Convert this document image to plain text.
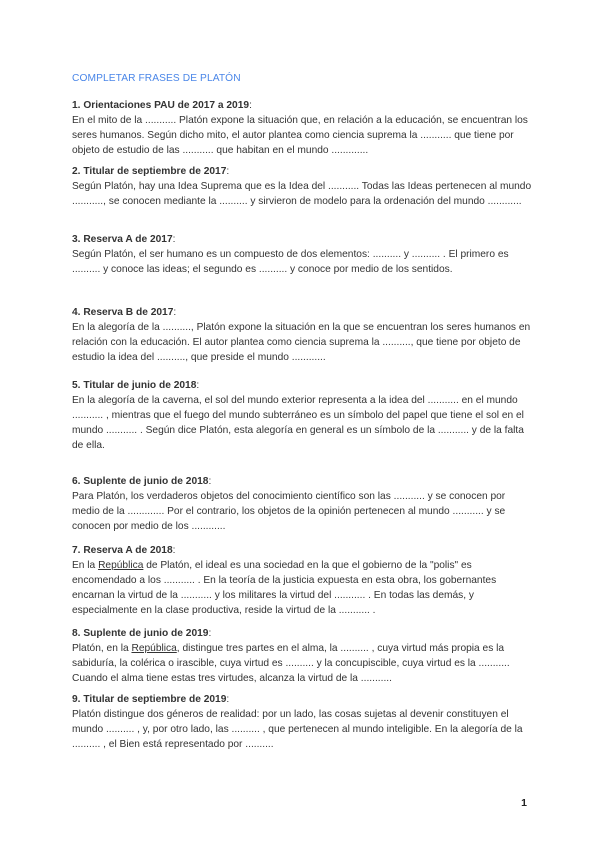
COMPLETAR FRASES DE PLATÓN
1. Orientaciones PAU de 2017 a 2019:
En el mito de la ........... Platón expone la situación que, en relación a la educación, se encuentran los seres humanos. Según dicho mito, el autor plantea como ciencia suprema la ........... que tiene por objeto de estudio de las ........... que habitan en el mundo .............
2. Titular de septiembre de 2017:
Según Platón, hay una Idea Suprema que es la Idea del ........... Todas las Ideas pertenecen al mundo ..........., se conocen mediante la .......... y sirvieron de modelo para la ordenación del mundo ............
3. Reserva A de 2017:
Según Platón, el ser humano es un compuesto de dos elementos: .......... y .......... . El primero es .......... y conoce las ideas; el segundo es .......... y conoce por medio de los sentidos.
4. Reserva B de 2017:
En la alegoría de la .........., Platón expone la situación en la que se encuentran los seres humanos en relación con la educación. El autor plantea como ciencia suprema la .........., que tiene por objeto de estudio la idea del .........., que preside el mundo ............
5. Titular de junio de 2018:
En la alegoría de la caverna, el sol del mundo exterior representa a la idea del ........... en el mundo ........... , mientras que el fuego del mundo subterráneo es un símbolo del papel que tiene el sol en el mundo ........... . Según dice Platón, esta alegoría en general es un símbolo de la ........... y de la falta de ella.
6. Suplente de junio de 2018:
Para Platón, los verdaderos objetos del conocimiento científico son las ........... y se conocen por medio de la ............. Por el contrario, los objetos de la opinión pertenecen al mundo ........... y se conocen por medio de los ............
7. Reserva A de 2018:
En la República de Platón, el ideal es una sociedad en la que el gobierno de la "polis" es encomendado a los ........... . En la teoría de la justicia expuesta en esta obra, los gobernantes encarnan la virtud de la ........... y los militares la virtud del ........... . En todas las demás, y especialmente en la clase productiva, reside la virtud de la ........... .
8. Suplente de junio de 2019:
Platón, en la República, distingue tres partes en el alma, la .......... , cuya virtud más propia es la sabiduría, la colérica o irascible, cuya virtud es .......... y la concupiscible, cuya virtud es la ........... Cuando el alma tiene estas tres virtudes, alcanza la virtud de la ...........
9. Titular de septiembre de 2019:
Platón distingue dos géneros de realidad: por un lado, las cosas sujetas al devenir constituyen el mundo .......... , y, por otro lado, las .......... , que pertenecen al mundo inteligible. En la alegoría de la .......... , el Bien está representado por ..........
1
